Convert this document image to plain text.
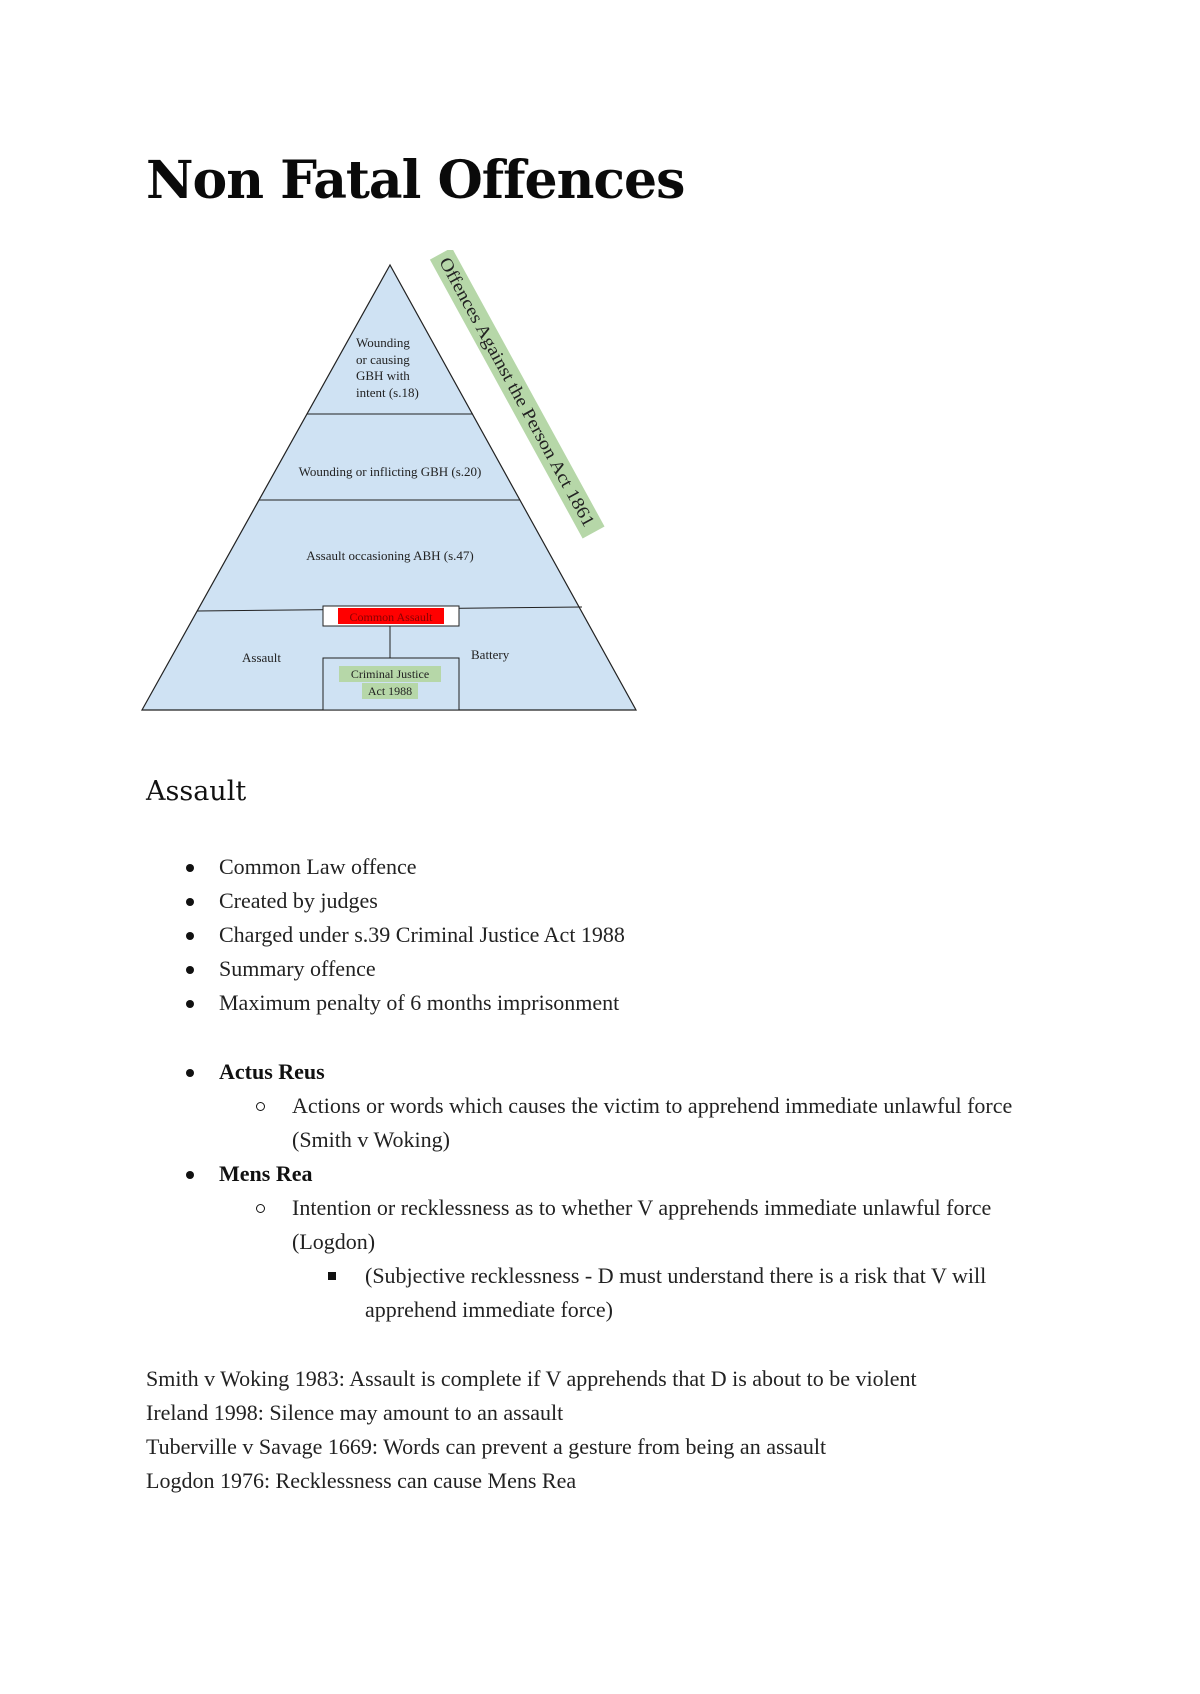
Non Fatal Offences
Wounding
or causing
GBH with
intent (s.18)
Wounding or inflicting GBH (s.20)
Assault occasioning ABH (s.47)
Assault	Battery
Common Assault
Criminal Justice
Act 1988
Offences Against the Person Act 1861
Assault
Common Law offence
Created by judges
Charged under s.39 Criminal Justice Act 1988
Summary offence
Maximum penalty of 6 months imprisonment
Actus Reus
Actions or words which causes the victim to apprehend immediate unlawful force (Smith v Woking)
Mens Rea
Intention or recklessness as to whether V apprehends immediate unlawful force (Logdon)
(Subjective recklessness - D must understand there is a risk that V will apprehend immediate force)

Smith v Woking 1983: Assault is complete if V apprehends that D is about to be violent

Ireland 1998: Silence may amount to an assault

Tuberville v Savage 1669: Words can prevent a gesture from being an assault

Logdon 1976: Recklessness can cause Mens Rea
